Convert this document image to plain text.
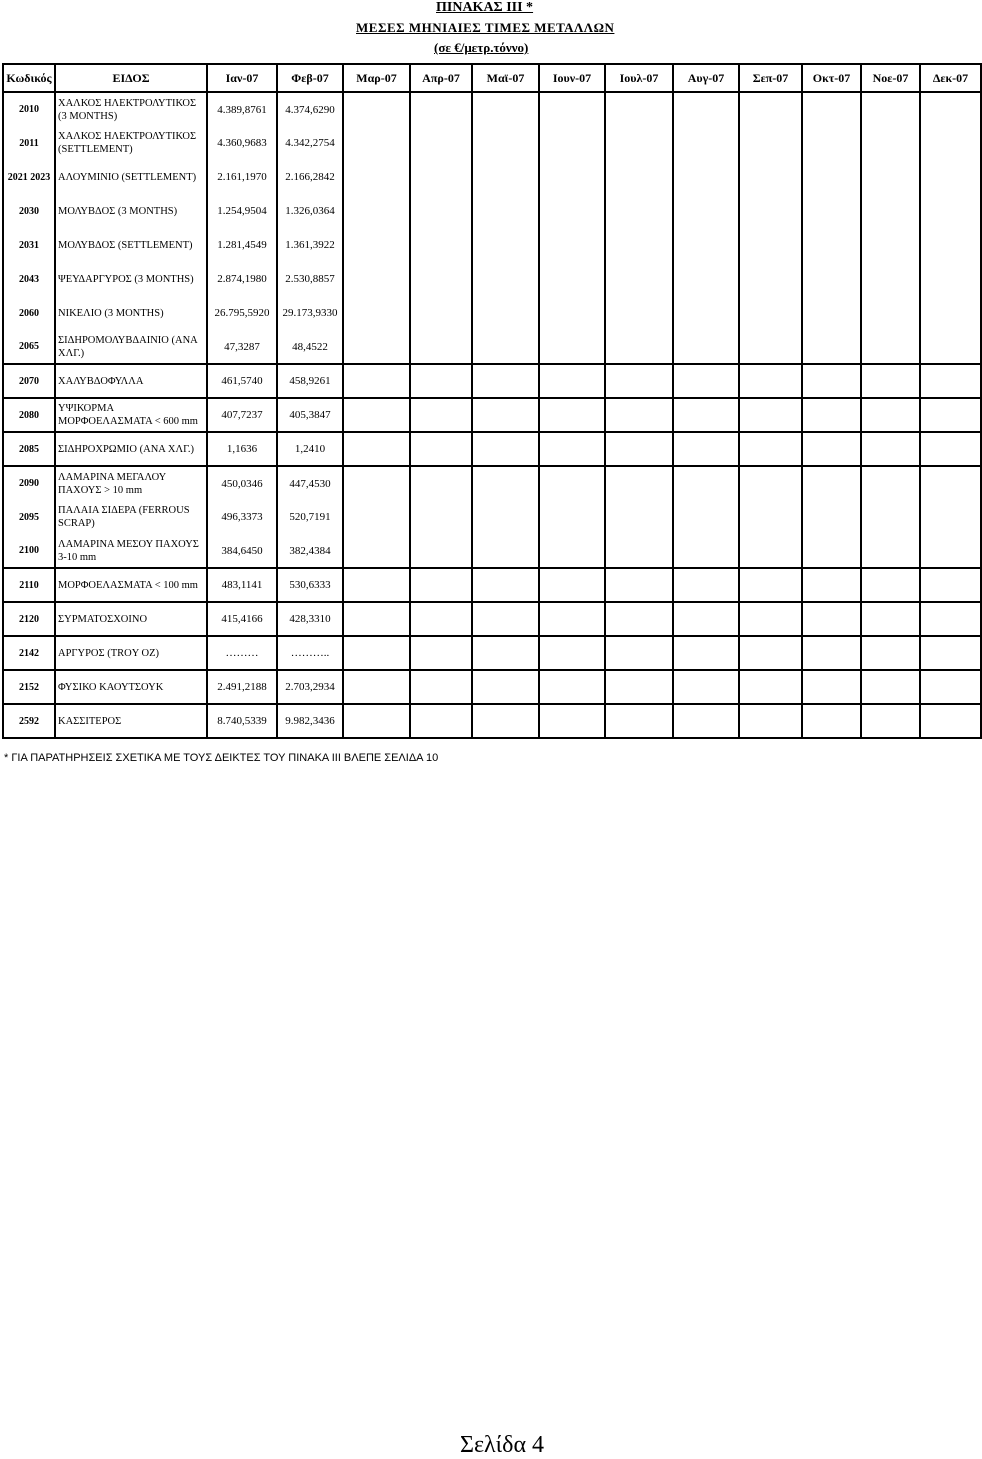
ΠΙΝΑΚΑΣ ΙΙΙ *
ΜΕΣΕΣ ΜΗΝΙΑΙΕΣ ΤΙΜΕΣ ΜΕΤΑΛΛΩΝ
(σε €/μετρ.τόννο)
Κωδικός	ΕΙΔΟΣ	Ιαν-07	Φεβ-07	Μαρ-07	Απρ-07	Μαϊ-07	Ιουν-07	Ιουλ-07	Αυγ-07	Σεπ-07	Οκτ-07	Νοε-07	Δεκ-07
2010	ΧΑΛΚΟΣ ΗΛΕΚΤΡΟΛΥΤΙΚΟΣ (3 MONTHS)	4.389,8761	4.374,6290										
2011	ΧΑΛΚΟΣ ΗΛΕΚΤΡΟΛΥΤΙΚΟΣ (SETTLEMENT)	4.360,9683	4.342,2754										
2021 2023	ΑΛΟΥΜΙΝΙΟ (SETTLEMENT)	2.161,1970	2.166,2842										
2030	ΜΟΛΥΒΔΟΣ (3 MONTHS)	1.254,9504	1.326,0364										
2031	ΜΟΛΥΒΔΟΣ (SETTLEMENT)	1.281,4549	1.361,3922										
2043	ΨΕΥΔΑΡΓΥΡΟΣ (3 MONTHS)	2.874,1980	2.530,8857										
2060	ΝΙΚΕΛΙΟ (3 MONTHS)	26.795,5920	29.173,9330										
2065	ΣΙΔΗΡΟΜΟΛΥΒΔΑΙΝΙΟ (ΑΝΑ ΧΛΓ.)	47,3287	48,4522										
2070	ΧΑΛΥΒΔΟΦΥΛΛΑ	461,5740	458,9261										
2080	ΥΨΙΚΟΡΜΑ ΜΟΡΦΟΕΛΑΣΜΑΤΑ < 600 mm	407,7237	405,3847										
2085	ΣΙΔΗΡΟΧΡΩΜΙΟ (ΑΝΑ ΧΛΓ.)	1,1636	1,2410										
2090	ΛΑΜΑΡΙΝΑ ΜΕΓΑΛΟΥ ΠΑΧΟΥΣ > 10 mm	450,0346	447,4530										
2095	ΠΑΛΑΙΑ ΣΙΔΕΡΑ (FERROUS SCRAP)	496,3373	520,7191										
2100	ΛΑΜΑΡΙΝΑ ΜΕΣΟΥ ΠΑΧΟΥΣ 3-10 mm	384,6450	382,4384										
2110	ΜΟΡΦΟΕΛΑΣΜΑΤΑ < 100 mm	483,1141	530,6333										
2120	ΣΥΡΜΑΤΟΣΧΟΙΝΟ	415,4166	428,3310										
2142	ΑΡΓΥΡΟΣ (TROY OZ)	………	………..										
2152	ΦΥΣΙΚΟ ΚΑΟΥΤΣΟΥΚ	2.491,2188	2.703,2934										
2592	ΚΑΣΣΙΤΕΡΟΣ	8.740,5339	9.982,3436										
* ΓΙΑ ΠΑΡΑΤΗΡΗΣΕΙΣ ΣΧΕΤΙΚΑ ΜΕ ΤΟΥΣ ΔΕΙΚΤΕΣ ΤΟΥ ΠΙΝΑΚΑ ΙΙΙ ΒΛΕΠΕ ΣΕΛΙΔΑ 10
Σελίδα 4
